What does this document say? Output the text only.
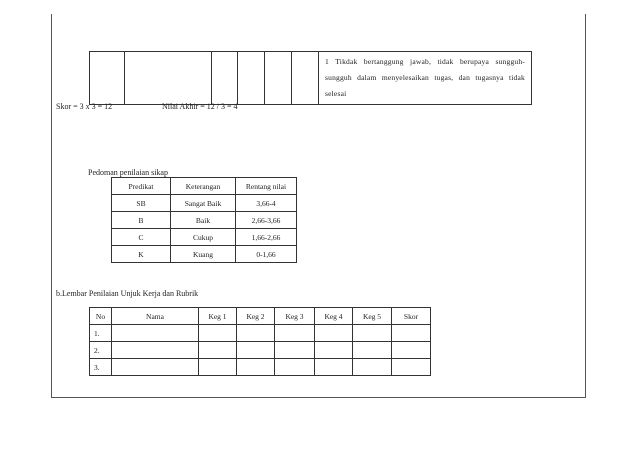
						1 Tikdak bertanggung jawab, tidak berupaya sungguh-sungguh dalam menyelesaikan tugas, dan tugasnya tidak selesai
Skor = 3 x 3 = 12	Nilai Akhir = 12 / 3 = 4
Pedoman penilaian sikap
Predikat	Keterangan	Rentang nilai
SB	Sangat Baik	3,66-4
B	Baik	2,66-3,66
C	Cukup	1,66-2,66
K	Kuang	0-1,66
b.Lembar Penilaian Unjuk Kerja dan Rubrik
No	Nama	Keg 1	Keg 2	Keg 3	Keg 4	Keg 5	Skor
1.							
2.							
3.							
